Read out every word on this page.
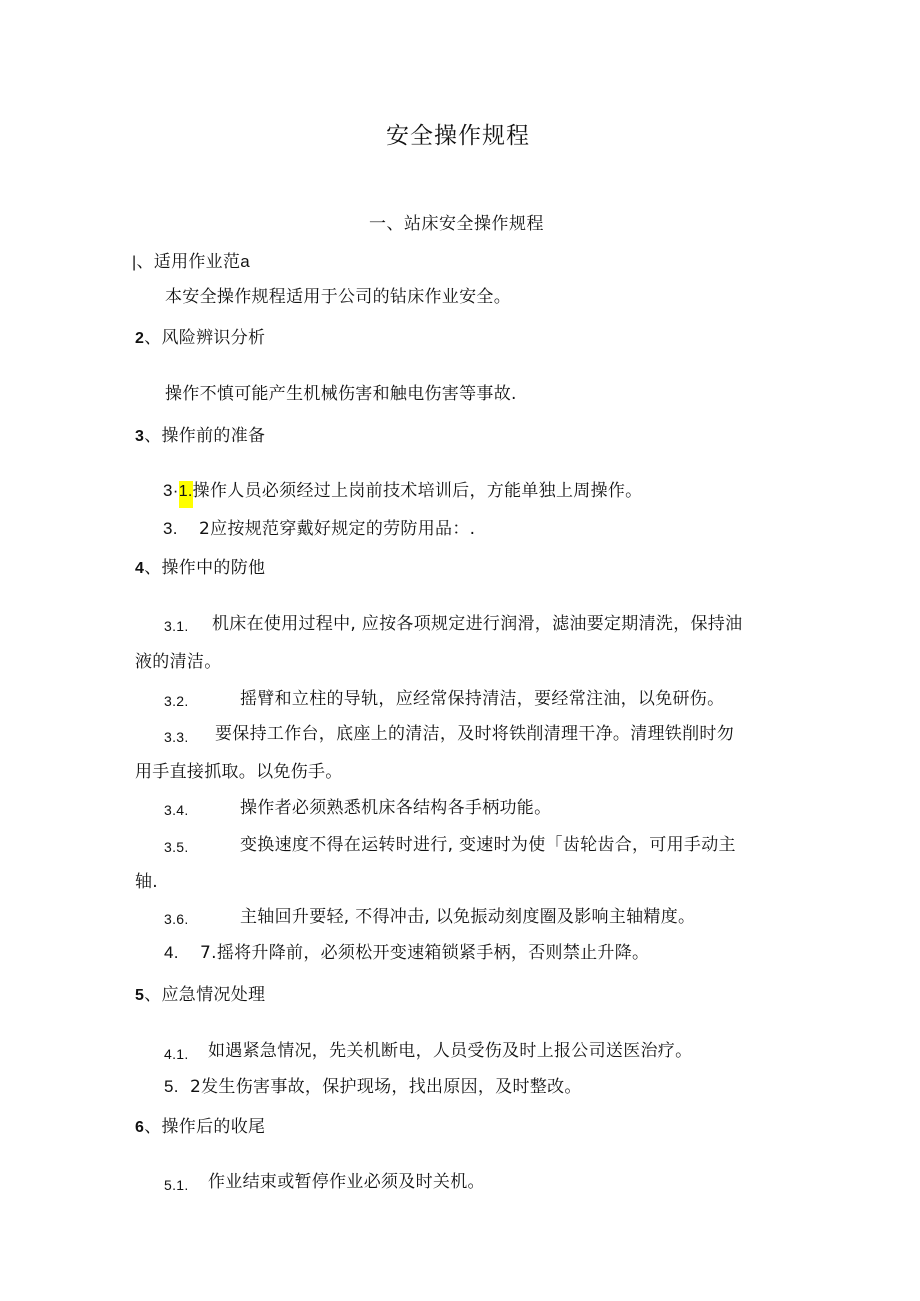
安全操作规程
一、站床安全操作规程
|、适用作业范a
本安全操作规程适用于公司的钻床作业安全。
2、风险辨识分析
操作不慎可能产生机械伤害和触电伤害等事故.
3、操作前的准备
3·1.操作人员必须经过上岗前技术培训后，方能单独上周操作。
3. 2应按规范穿戴好规定的劳防用品：.
4、操作中的防他
3.1. 机床在使用过程中, 应按各项规定进行润滑，滤油要定期清洗，保持油
液的清洁。
3.2.	摇臂和立柱的导轨，应经常保持清洁，要经常注油，以免研伤。
3.3. 要保持工作台，底座上的清洁，及时将铁削清理干净。清理铁削时勿
用手直接抓取。以免伤手。
3.4.	操作者必须熟悉机床各结构各手柄功能。
3.5.	变换速度不得在运转时进行, 变速时为使「齿轮齿合，可用手动主
轴.
3.6.	主轴回升要轻, 不得冲击, 以免振动刻度圈及影响主轴精度。
4. 7.摇将升降前，必须松开变速箱锁紧手柄，否则禁止升降。
5、应急情况处理
4.1. 如遇紧急情况，先关机断电，人员受伤及时上报公司送医治疗。
5. 2发生伤害事故，保护现场，找出原因，及时整改。
6、操作后的收尾
5.1. 作业结束或暂停作业必须及时关机。
